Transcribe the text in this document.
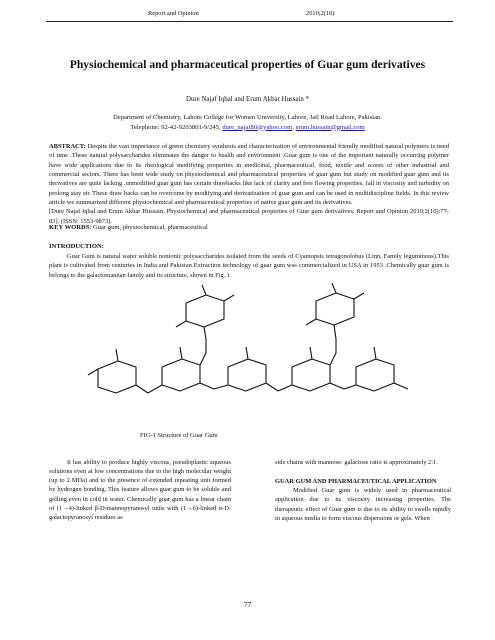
Report and Opinion	2010;2(10)
Physiochemical and pharmaceutical properties of Guar gum derivatives
Dure Najaf Iqbal and Erum Akbar Hussain *
Department of Chemistry, Lahore College for Women University, Lahore, Jail Road Lahore, Pakistan.
Telephone: 92-42-9203801-9/245, dure_najaf80@yahoo.com, erum.hussain@gmail.com
ABSTRACT: Despite the vast importance of green chemistry synthesis and characterization of environmental friendly modified natural polymers is need of time .These natural polysaccharides eliminates the danger to health and environment .Guar gum is one of the important naturally occurring polymer have wide applications due to its rheological modifying properties in medicinal, pharmaceutical, food, textile and scores of other industrial and commercial sectors. There has been wide study on physiochemical and pharmaceutical properties of guar gum but study on modified guar gum and its derivatives are quite lacking .unmodified guar gum has certain drawbacks like lack of clarity and free flowing properties, fall in viscosity and turbidity on prolong stay etc These draw backs can be overcome by modifying and derivatization of guar gum and can be used in multidiscipline fields. In this review article we summarized different physiochemical and pharmaceutical properties of native guar gum and its derivatives.
[Dure Najaf Iqbal and Erum Akbar Hussain. Physiochemical and pharmaceutical properties of Guar gum derivatives. Report and Opinion 2010;2(10):77-83]. (ISSN: 1553-9873).
KEY WORDS: Guar gum, physiochemical, pharmaceutical
INTRODUCTION:
Guar Gum is natural water soluble nonionic polysaccharides isolated from the seeds of Cyamopsis tetragonolobus (Linn, Family leguminous).This plant is cultivated from centuries in India and Pakistan Extraction technology of guar gum was commercialized in USA in 1953 .Chemically guar gum is belongs to the galactomannan family and its structure, shown in Fig. 1.
FIG-1 Structure of Guar Gum
It has ability to produce highly viscous, pseudoplastic aqueous solutions even at low concentrations due to the high molecular weight (up to 2 MDa) and to the presence of extended repeating unit formed by hydrogen bonding. This feature allows guar gum to be soluble and gelling even in cold in water. Chemically guar gum has a linear chain of (1→4)-linked β-D-mannopyranosyl units with (1→6)-linked α-D-galactopyranosyl residues as
side chains with mannose: galactose ratio is approximately 2:1.
GUAR GUM AND PHARMACEUTICAL APPLICATION
Modified Guar gum is widely used in pharmaceutical application due to its viscosity increasing properties. The therapeutic effect of Guar gum is due to its ability to swells rapidly in aqueous media to form viscous dispersions or gels. When
77
